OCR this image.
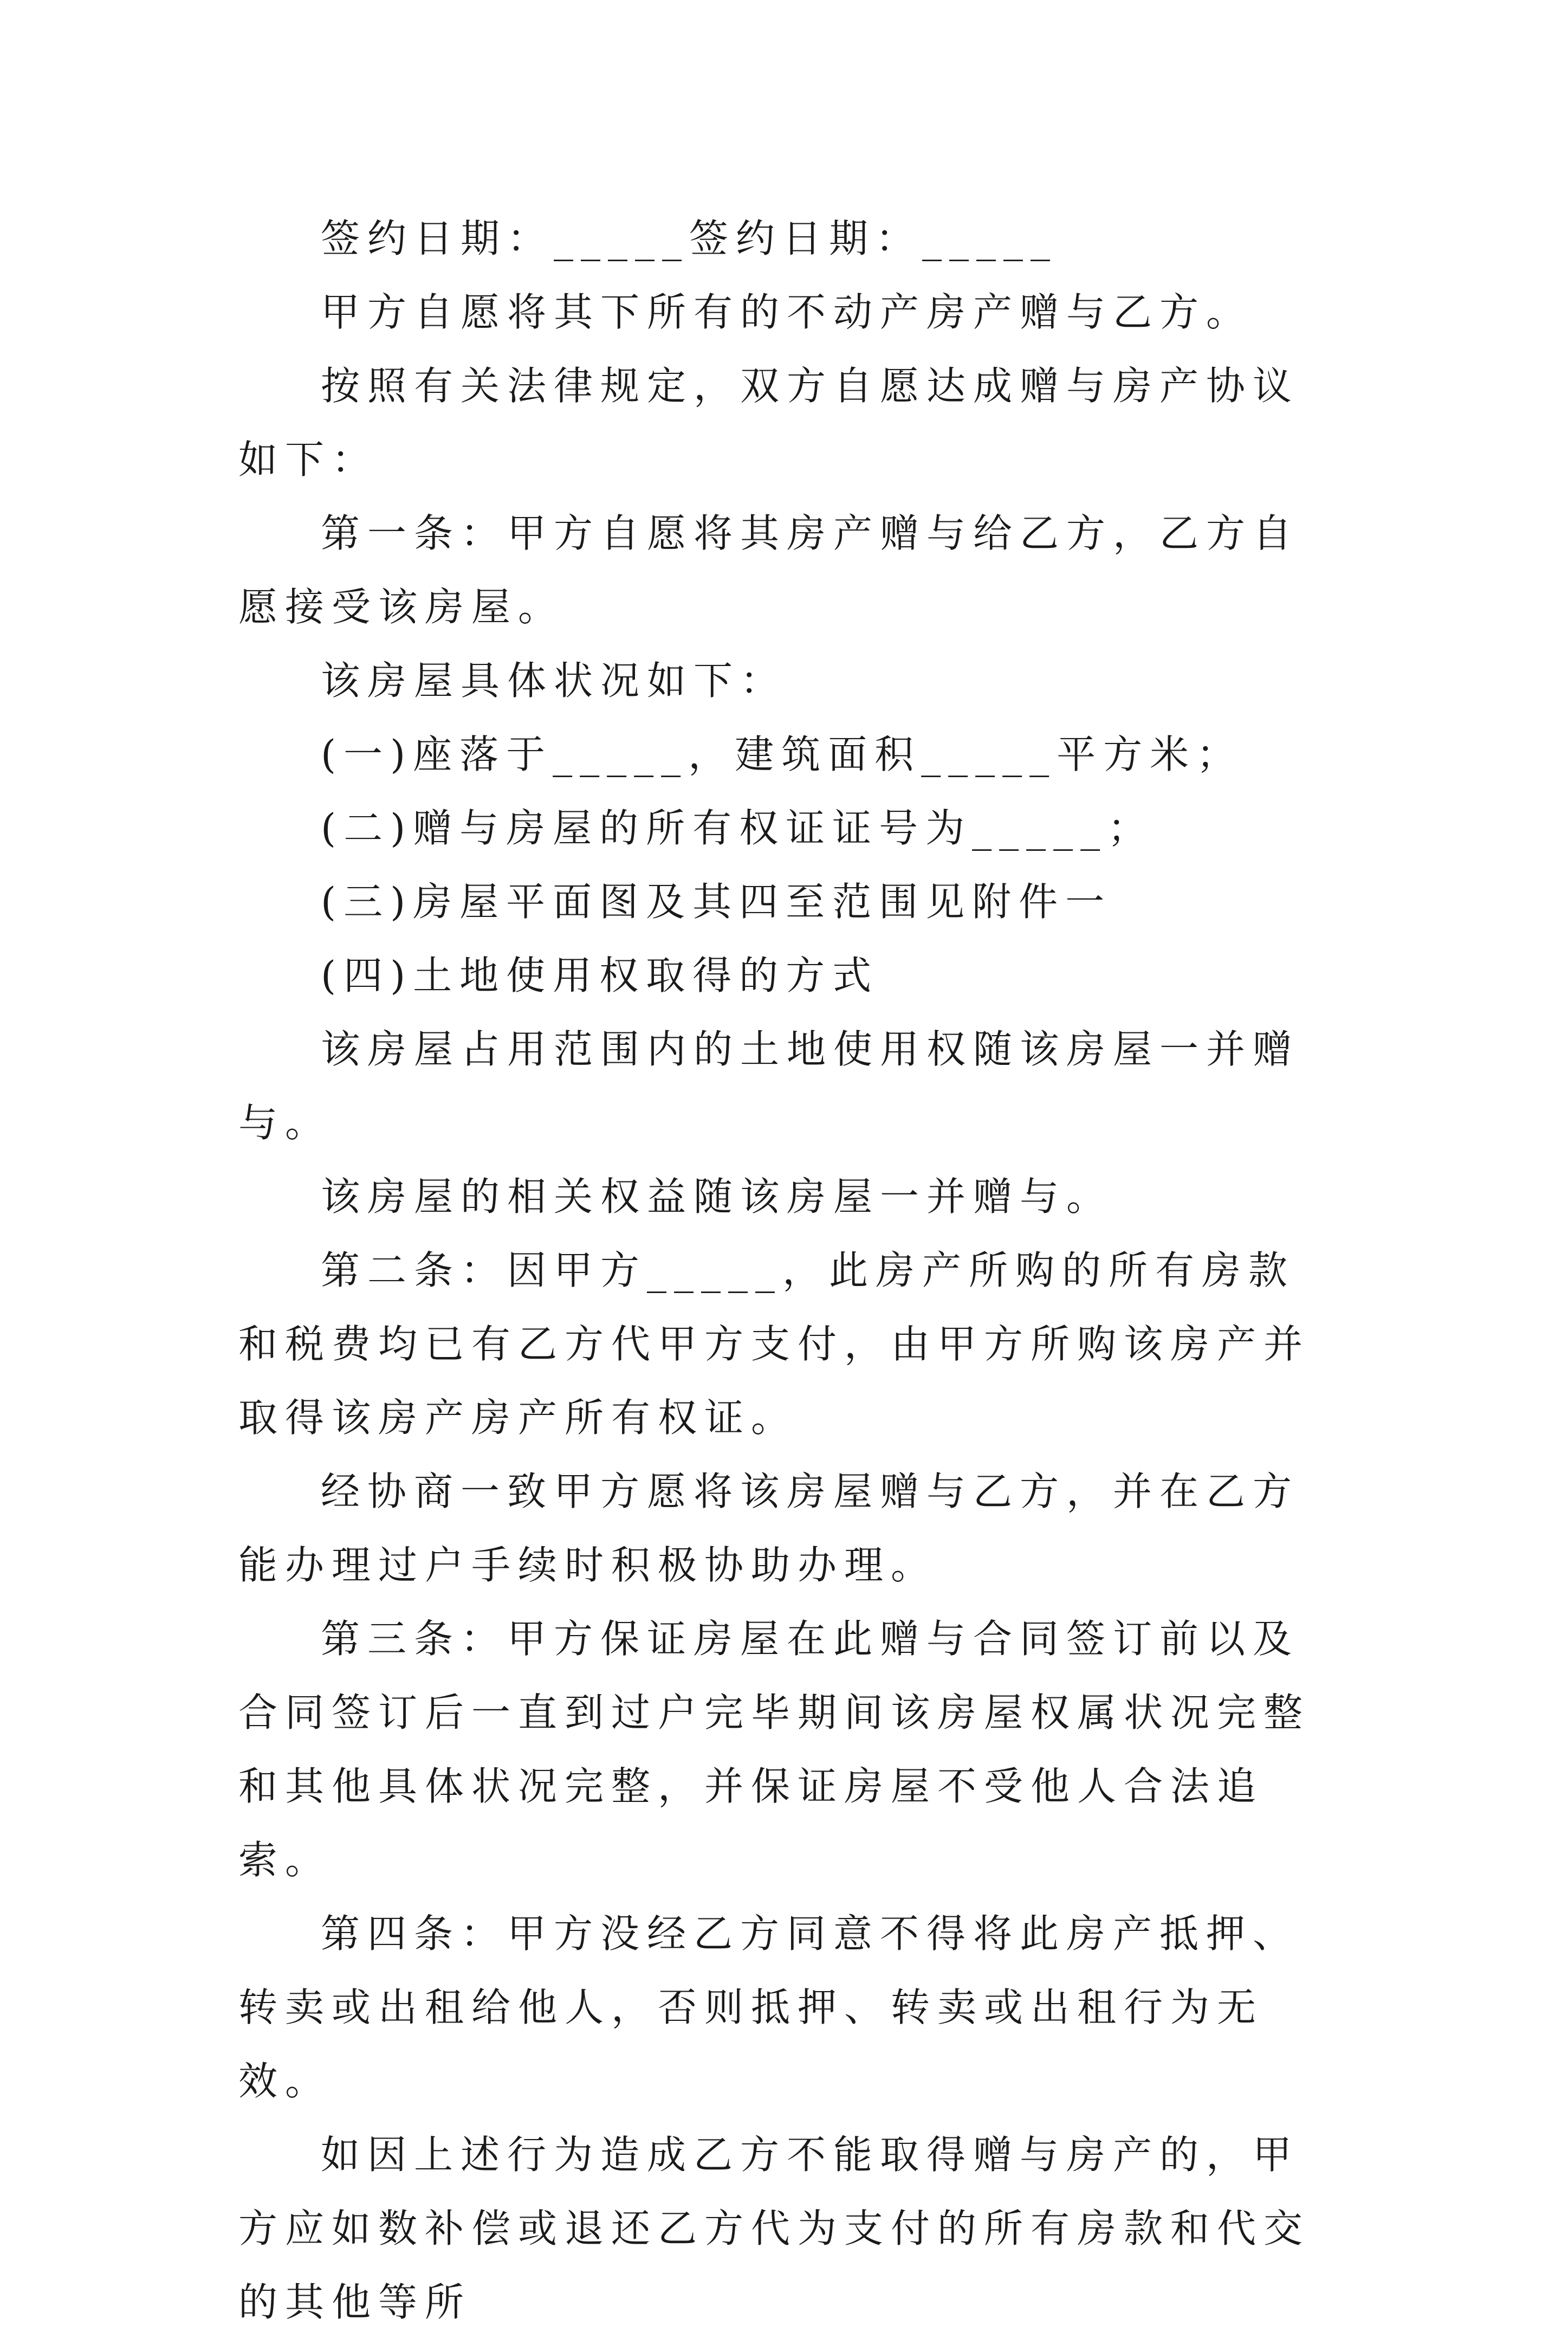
签约日期：_____签约日期：_____

甲方自愿将其下所有的不动产房产赠与乙方。

按照有关法律规定，双方自愿达成赠与房产协议如下：

第一条：甲方自愿将其房产赠与给乙方，乙方自愿接受该房屋。

该房屋具体状况如下：

(一)座落于_____，建筑面积_____平方米；

(二)赠与房屋的所有权证证号为_____；

(三)房屋平面图及其四至范围见附件一

(四)土地使用权取得的方式

该房屋占用范围内的土地使用权随该房屋一并赠与。

该房屋的相关权益随该房屋一并赠与。

第二条：因甲方_____，此房产所购的所有房款和税费均已有乙方代甲方支付，由甲方所购该房产并取得该房产房产所有权证。

经协商一致甲方愿将该房屋赠与乙方，并在乙方能办理过户手续时积极协助办理。

第三条：甲方保证房屋在此赠与合同签订前以及合同签订后一直到过户完毕期间该房屋权属状况完整和其他具体状况完整，并保证房屋不受他人合法追索。

第四条：甲方没经乙方同意不得将此房产抵押、转卖或出租给他人，否则抵押、转卖或出租行为无效。

如因上述行为造成乙方不能取得赠与房产的，甲方应如数补偿或退还乙方代为支付的所有房款和代交的其他等所
